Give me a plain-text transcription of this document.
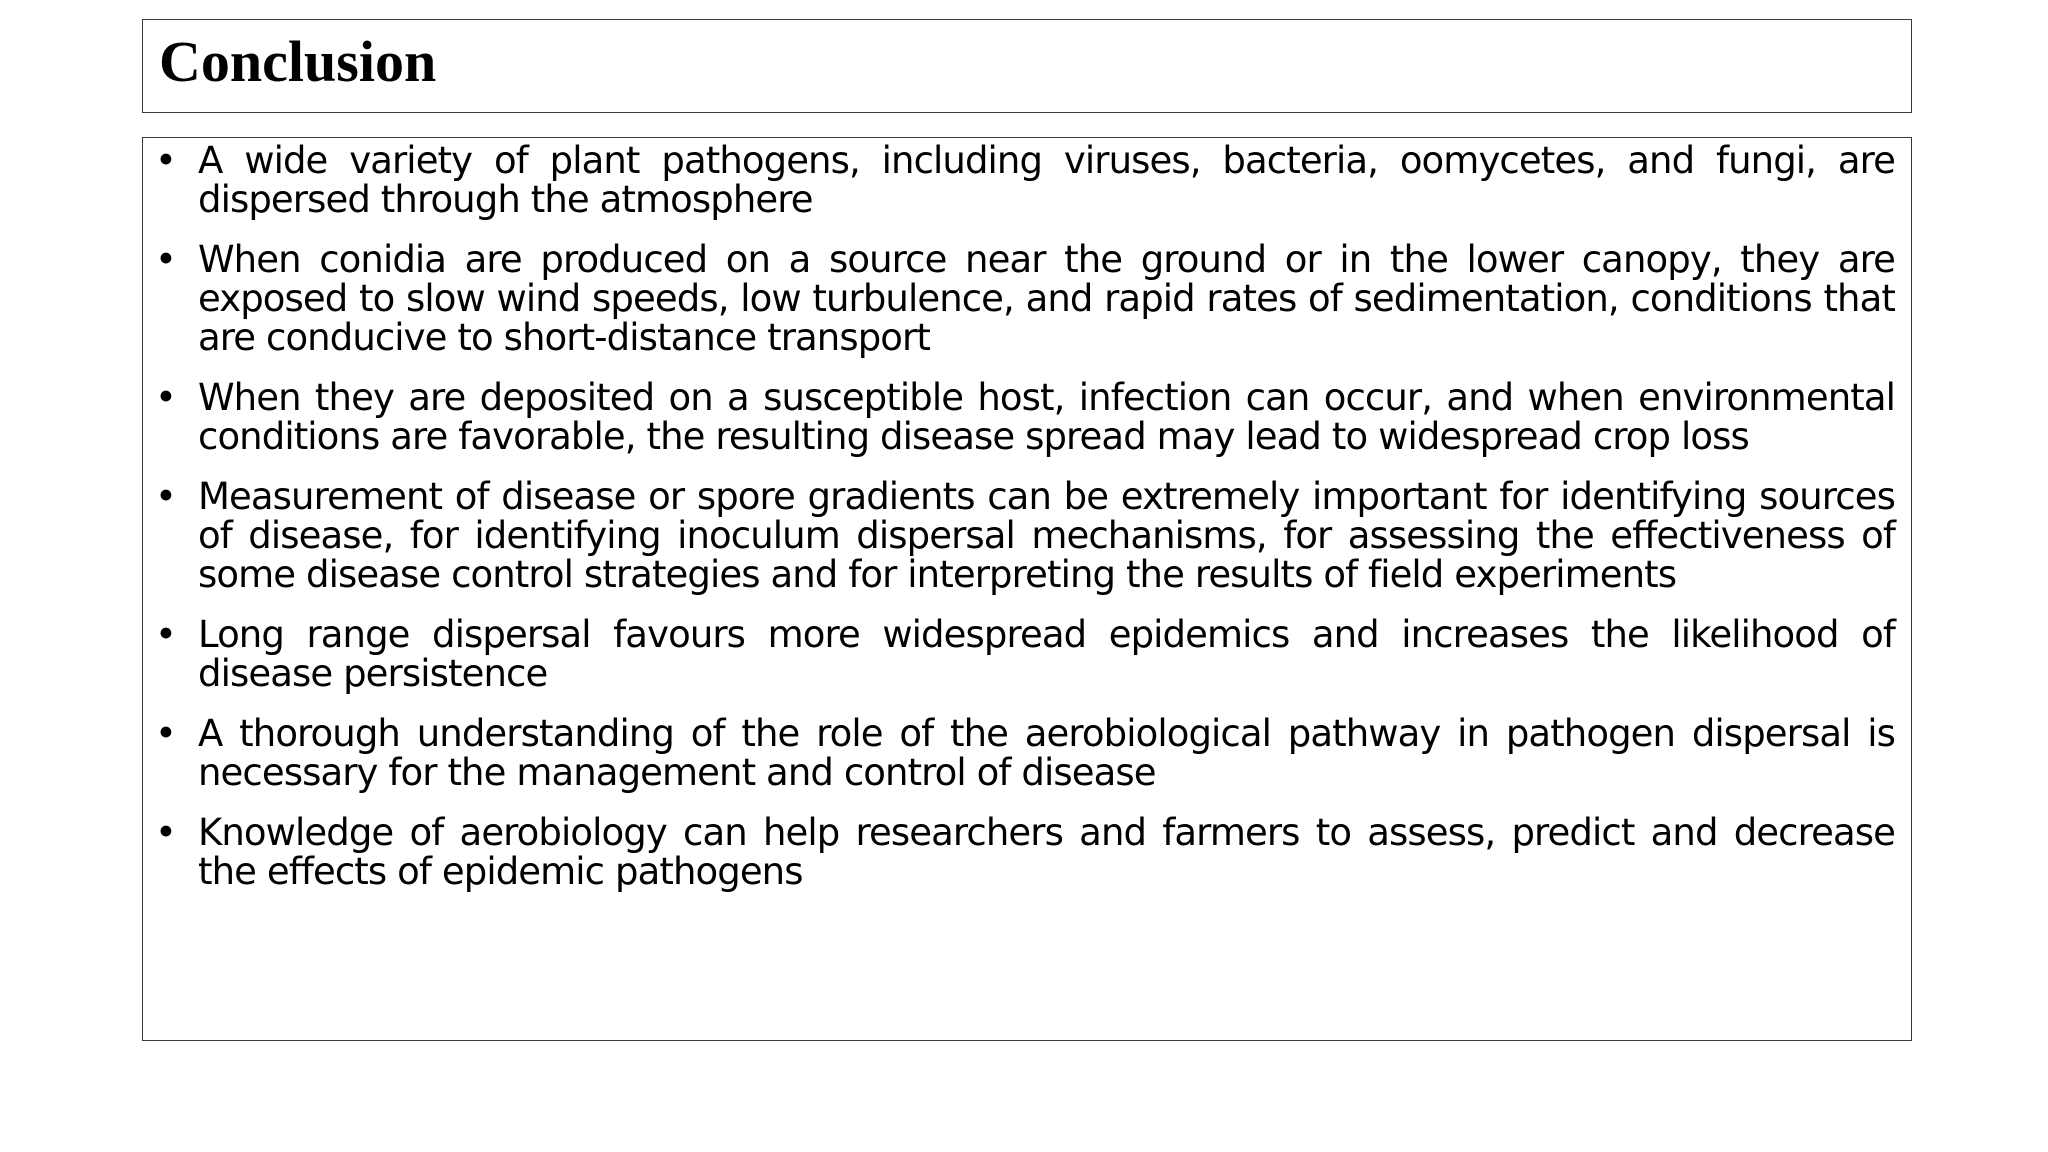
Conclusion
• A wide variety of plant pathogens, including viruses, bacteria, oomycetes, and fungi, are dispersed through the atmosphere
• When conidia are produced on a source near the ground or in the lower canopy, they are exposed to slow wind speeds, low turbulence, and rapid rates of sedimentation, conditions that are conducive to short-distance transport
• When they are deposited on a susceptible host, infection can occur, and when environmental conditions are favorable, the resulting disease spread may lead to widespread crop loss
• Measurement of disease or spore gradients can be extremely important for identifying sources of disease, for identifying inoculum dispersal mechanisms, for assessing the effectiveness of some disease control strategies and for interpreting the results of field experiments
• Long range dispersal favours more widespread epidemics and increases the likelihood of disease persistence
• A thorough understanding of the role of the aerobiological pathway in pathogen dispersal is necessary for the management and control of disease
• Knowledge of aerobiology can help researchers and farmers to assess, predict and decrease the effects of epidemic pathogens
